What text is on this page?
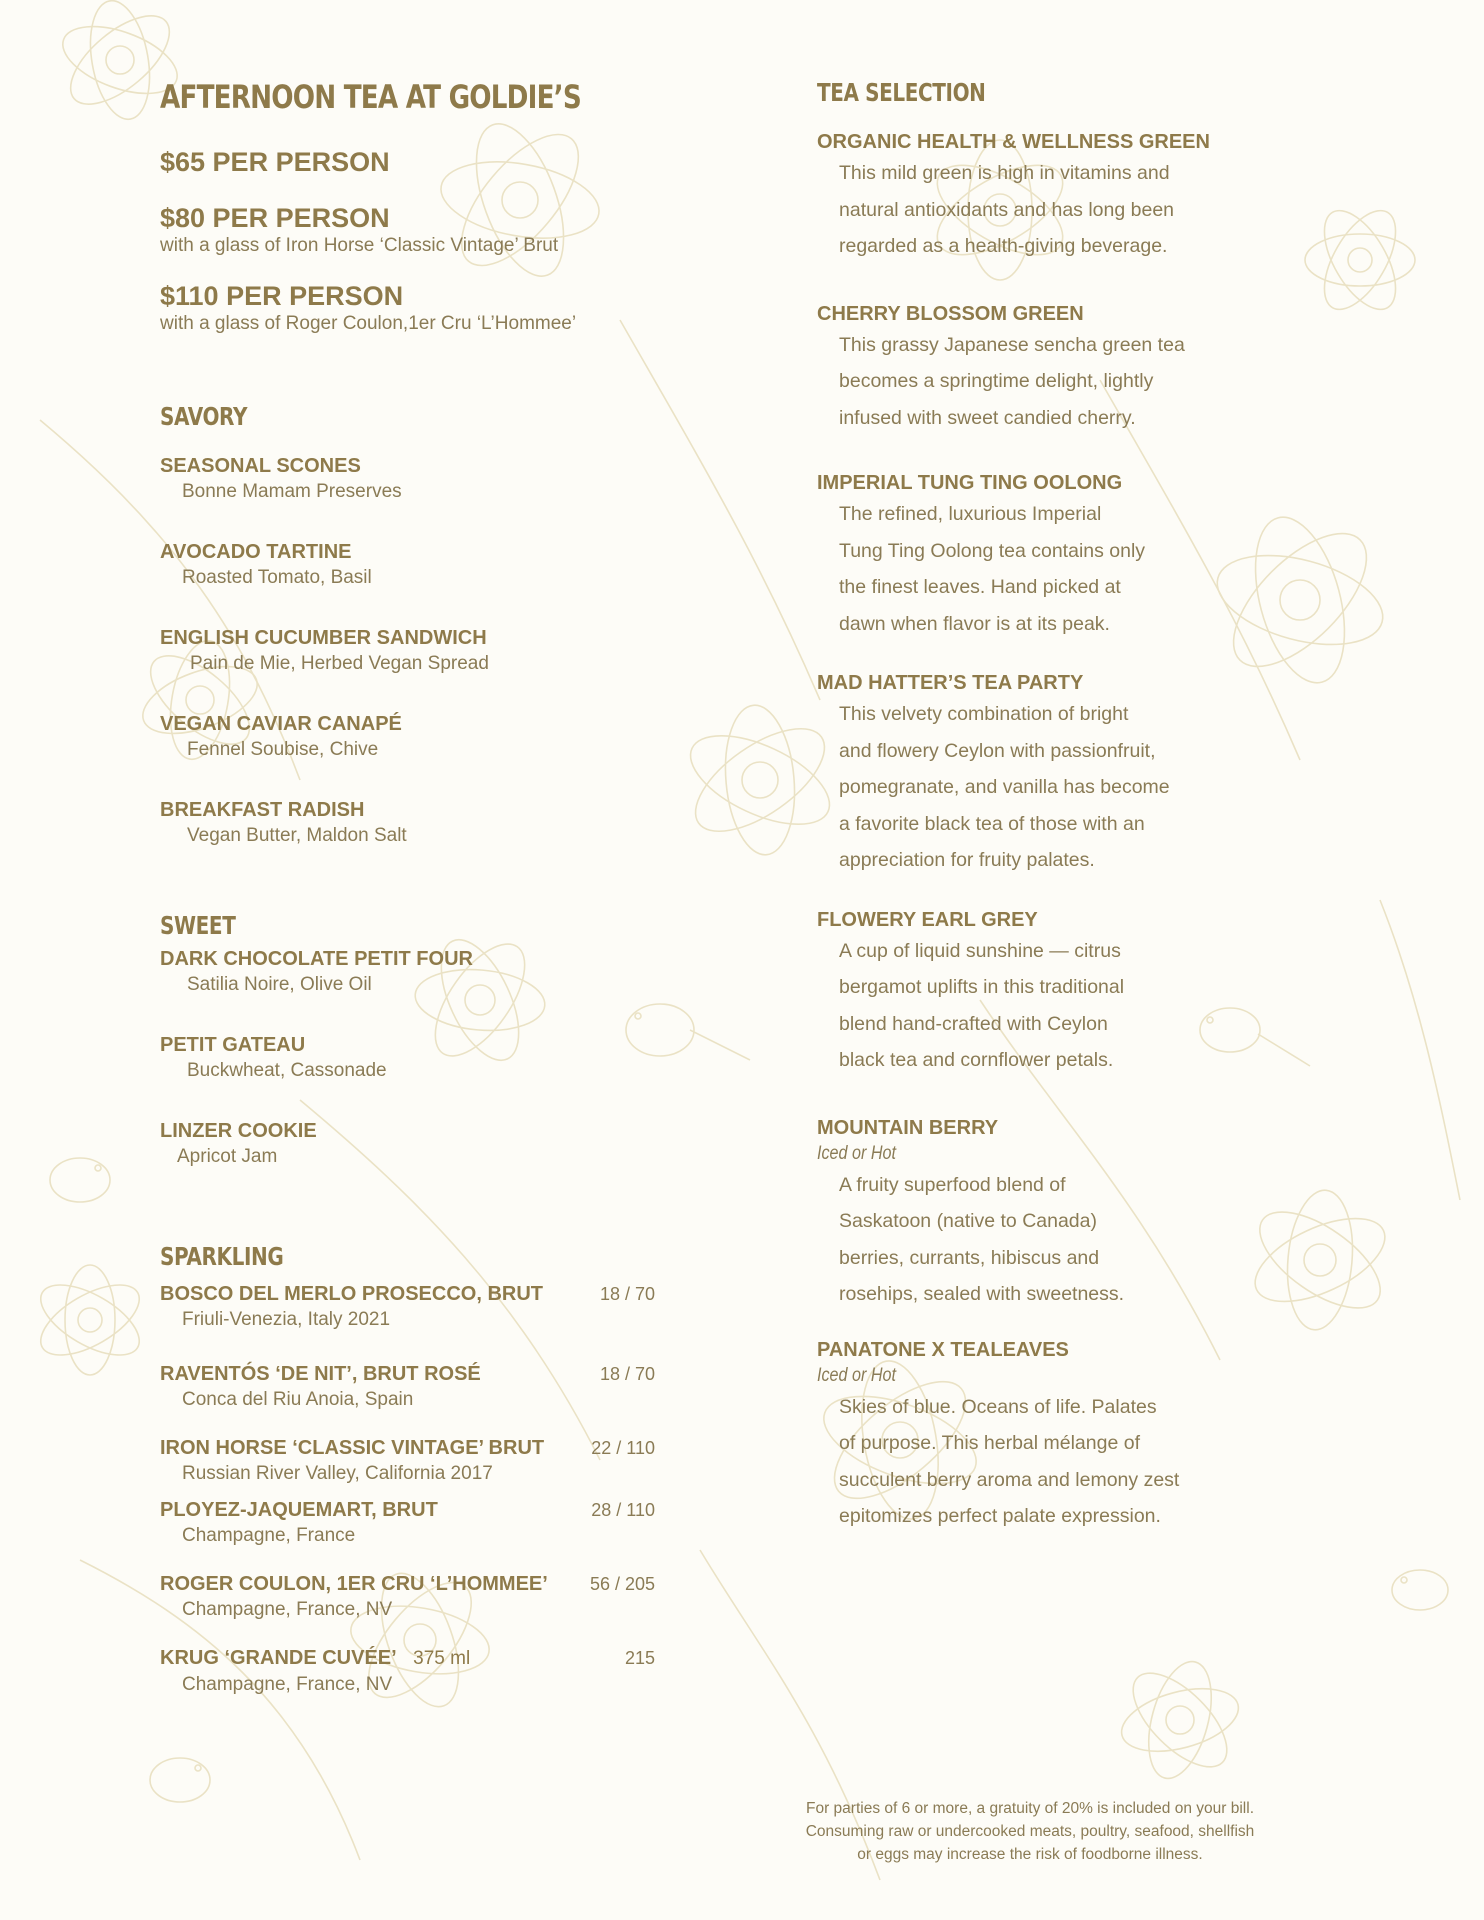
AFTERNOON TEA AT GOLDIE’S
$65 PER PERSON
$80 PER PERSON
with a glass of Iron Horse ‘Classic Vintage’ Brut
$110 PER PERSON
with a glass of Roger Coulon,1er Cru ‘L’Hommee’
SAVORY
SEASONAL SCONES
Bonne Mamam Preserves
AVOCADO TARTINE
Roasted Tomato, Basil
ENGLISH CUCUMBER SANDWICH
Pain de Mie, Herbed Vegan Spread
VEGAN CAVIAR CANAPÉ
Fennel Soubise, Chive
BREAKFAST RADISH
Vegan Butter, Maldon Salt
SWEET
DARK CHOCOLATE PETIT FOUR
Satilia Noire, Olive Oil
PETIT GATEAU
Buckwheat, Cassonade
LINZER COOKIE
Apricot Jam
SPARKLING
BOSCO DEL MERLO PROSECCO, BRUT
Friuli-Venezia, Italy 2021
18 / 70
RAVENTÓS ‘DE NIT’, BRUT ROSÉ
Conca del Riu Anoia, Spain
18 / 70
IRON HORSE ‘CLASSIC VINTAGE’ BRUT
Russian River Valley, California 2017
22 / 110
PLOYEZ-JAQUEMART, BRUT
Champagne, France
28 / 110
ROGER COULON, 1ER CRU ‘L’HOMMEE’
Champagne, France, NV
56 / 205
KRUG ‘GRANDE CUVÉE’ 375 ml
Champagne, France, NV
215
TEA SELECTION
ORGANIC HEALTH & WELLNESS GREEN
This mild green is high in vitamins and
natural antioxidants and has long been
regarded as a health-giving beverage.
CHERRY BLOSSOM GREEN
This grassy Japanese sencha green tea
becomes a springtime delight, lightly
infused with sweet candied cherry.
IMPERIAL TUNG TING OOLONG
The refined, luxurious Imperial
Tung Ting Oolong tea contains only
the finest leaves. Hand picked at
dawn when flavor is at its peak.
MAD HATTER’S TEA PARTY
This velvety combination of bright
and flowery Ceylon with passionfruit,
pomegranate, and vanilla has become
a favorite black tea of those with an
appreciation for fruity palates.
FLOWERY EARL GREY
A cup of liquid sunshine — citrus
bergamot uplifts in this traditional
blend hand-crafted with Ceylon
black tea and cornflower petals.
MOUNTAIN BERRY
Iced or Hot
A fruity superfood blend of
Saskatoon (native to Canada)
berries, currants, hibiscus and
rosehips, sealed with sweetness.
PANATONE X TEALEAVES
Iced or Hot
Skies of blue. Oceans of life. Palates
of purpose. This herbal mélange of
succulent berry aroma and lemony zest
epitomizes perfect palate expression.
For parties of 6 or more, a gratuity of 20% is included on your bill.
Consuming raw or undercooked meats, poultry, seafood, shellfish
or eggs may increase the risk of foodborne illness.
